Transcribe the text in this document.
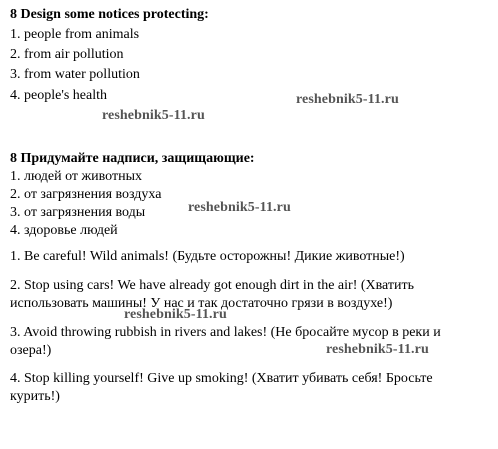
8 Design some notices protecting:
1. people from animals
2. from air pollution
3. from water pollution
4. people's health
8 Придумайте надписи, защищающие:
1. людей от животных
2. от загрязнения воздуха
3. от загрязнения воды
4. здоровье людей
1. Be careful! Wild animals! (Будьте осторожны! Дикие животные!)
2. Stop using cars! We have already got enough dirt in the air! (Хватить
использовать машины! У нас и так достаточно грязи в воздухе!)
3. Avoid throwing rubbish in rivers and lakes! (Не бросайте мусор в реки и
озера!)
4. Stop killing yourself! Give up smoking! (Хватит убивать себя! Бросьте
курить!)
reshebnik5-11.ru
reshebnik5-11.ru
reshebnik5-11.ru
reshebnik5-11.ru
reshebnik5-11.ru
